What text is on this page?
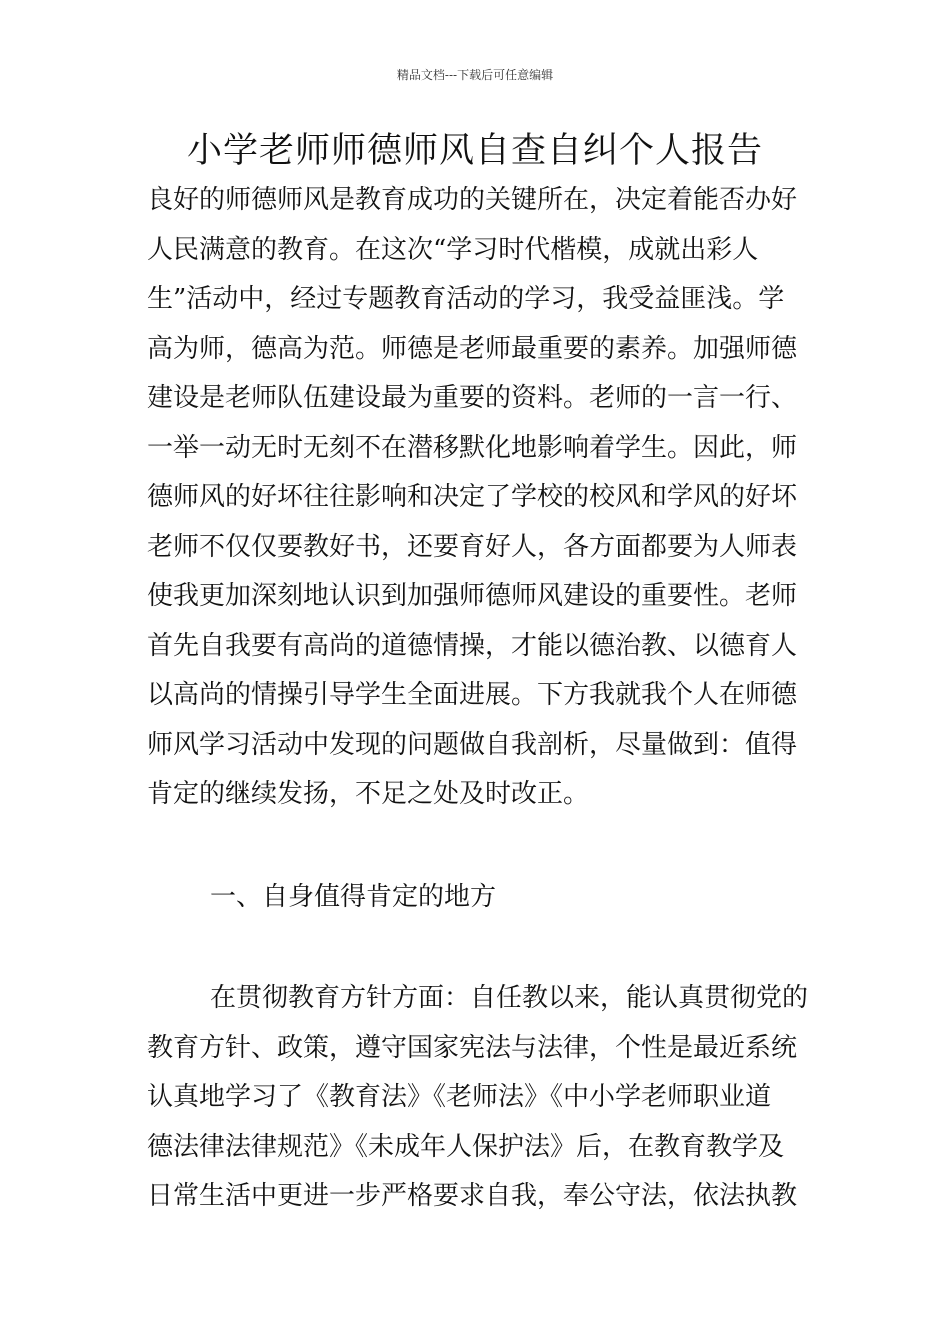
精品文档---下载后可任意编辑
小学老师师德师风自查自纠个人报告
良好的师德师风是教育成功的关键所在，决定着能否办好
人民满意的教育。在这次“学习时代楷模，成就出彩人
生”活动中，经过专题教育活动的学习，我受益匪浅。学
高为师，德高为范。师德是老师最重要的素养。加强师德
建设是老师队伍建设最为重要的资料。老师的一言一行、
一举一动无时无刻不在潜移默化地影响着学生。因此，师
德师风的好坏往往影响和决定了学校的校风和学风的好坏
老师不仅仅要教好书，还要育好人，各方面都要为人师表
使我更加深刻地认识到加强师德师风建设的重要性。老师
首先自我要有高尚的道德情操，才能以德治教、以德育人
以高尚的情操引导学生全面进展。下方我就我个人在师德
师风学习活动中发现的问题做自我剖析，尽量做到：值得
肯定的继续发扬，不足之处及时改正。
一、自身值得肯定的地方
在贯彻教育方针方面：自任教以来，能认真贯彻党的
教育方针、政策，遵守国家宪法与法律，个性是最近系统
认真地学习了《教育法》《老师法》《中小学老师职业道
德法律法律规范》《未成年人保护法》后，在教育教学及
日常生活中更进一步严格要求自我，奉公守法，依法执教
